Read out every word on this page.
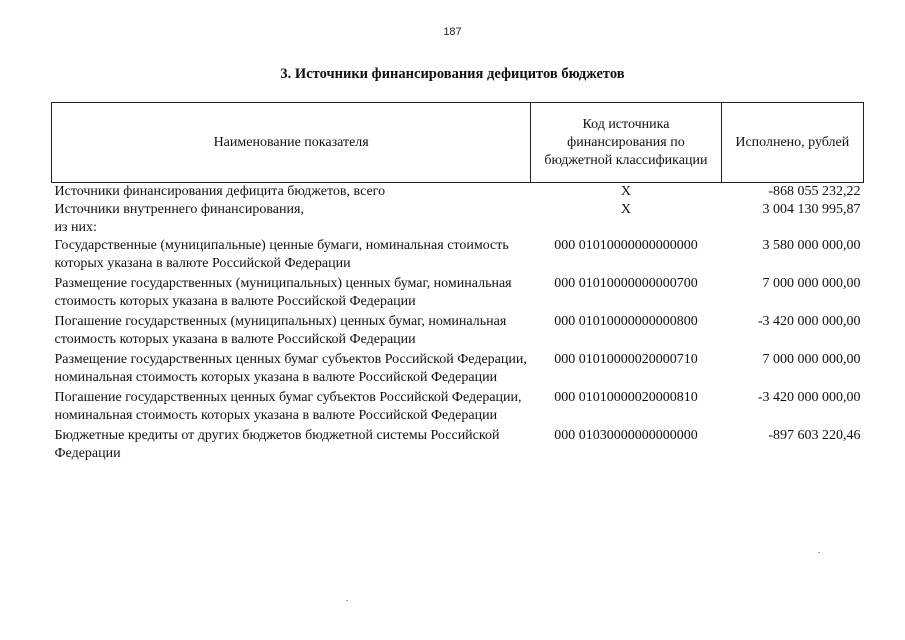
187
3. Источники финансирования дефицитов бюджетов
Наименование показателя	Код источника финансирования по бюджетной классификации	Исполнено, рублей
Источники финансирования дефицита бюджетов, всего	X	-868 055 232,22
Источники внутреннего финансирования,	X	3 004 130 995,87
из них:		
Государственные (муниципальные) ценные бумаги, номинальная стоимость которых указана в валюте Российской Федерации	000 01010000000000000	3 580 000 000,00
Размещение государственных (муниципальных) ценных бумаг, номинальная стоимость которых указана в валюте Российской Федерации	000 01010000000000700	7 000 000 000,00
Погашение государственных (муниципальных) ценных бумаг, номинальная стоимость которых указана в валюте Российской Федерации	000 01010000000000800	-3 420 000 000,00
Размещение государственных ценных бумаг субъектов Российской Федерации, номинальная стоимость которых указана в валюте Российской Федерации	000 01010000020000710	7 000 000 000,00
Погашение государственных ценных бумаг субъектов Российской Федерации, номинальная стоимость которых указана в валюте Российской Федерации	000 01010000020000810	-3 420 000 000,00
Бюджетные кредиты от других бюджетов бюджетной системы Российской Федерации	000 01030000000000000	-897 603 220,46
